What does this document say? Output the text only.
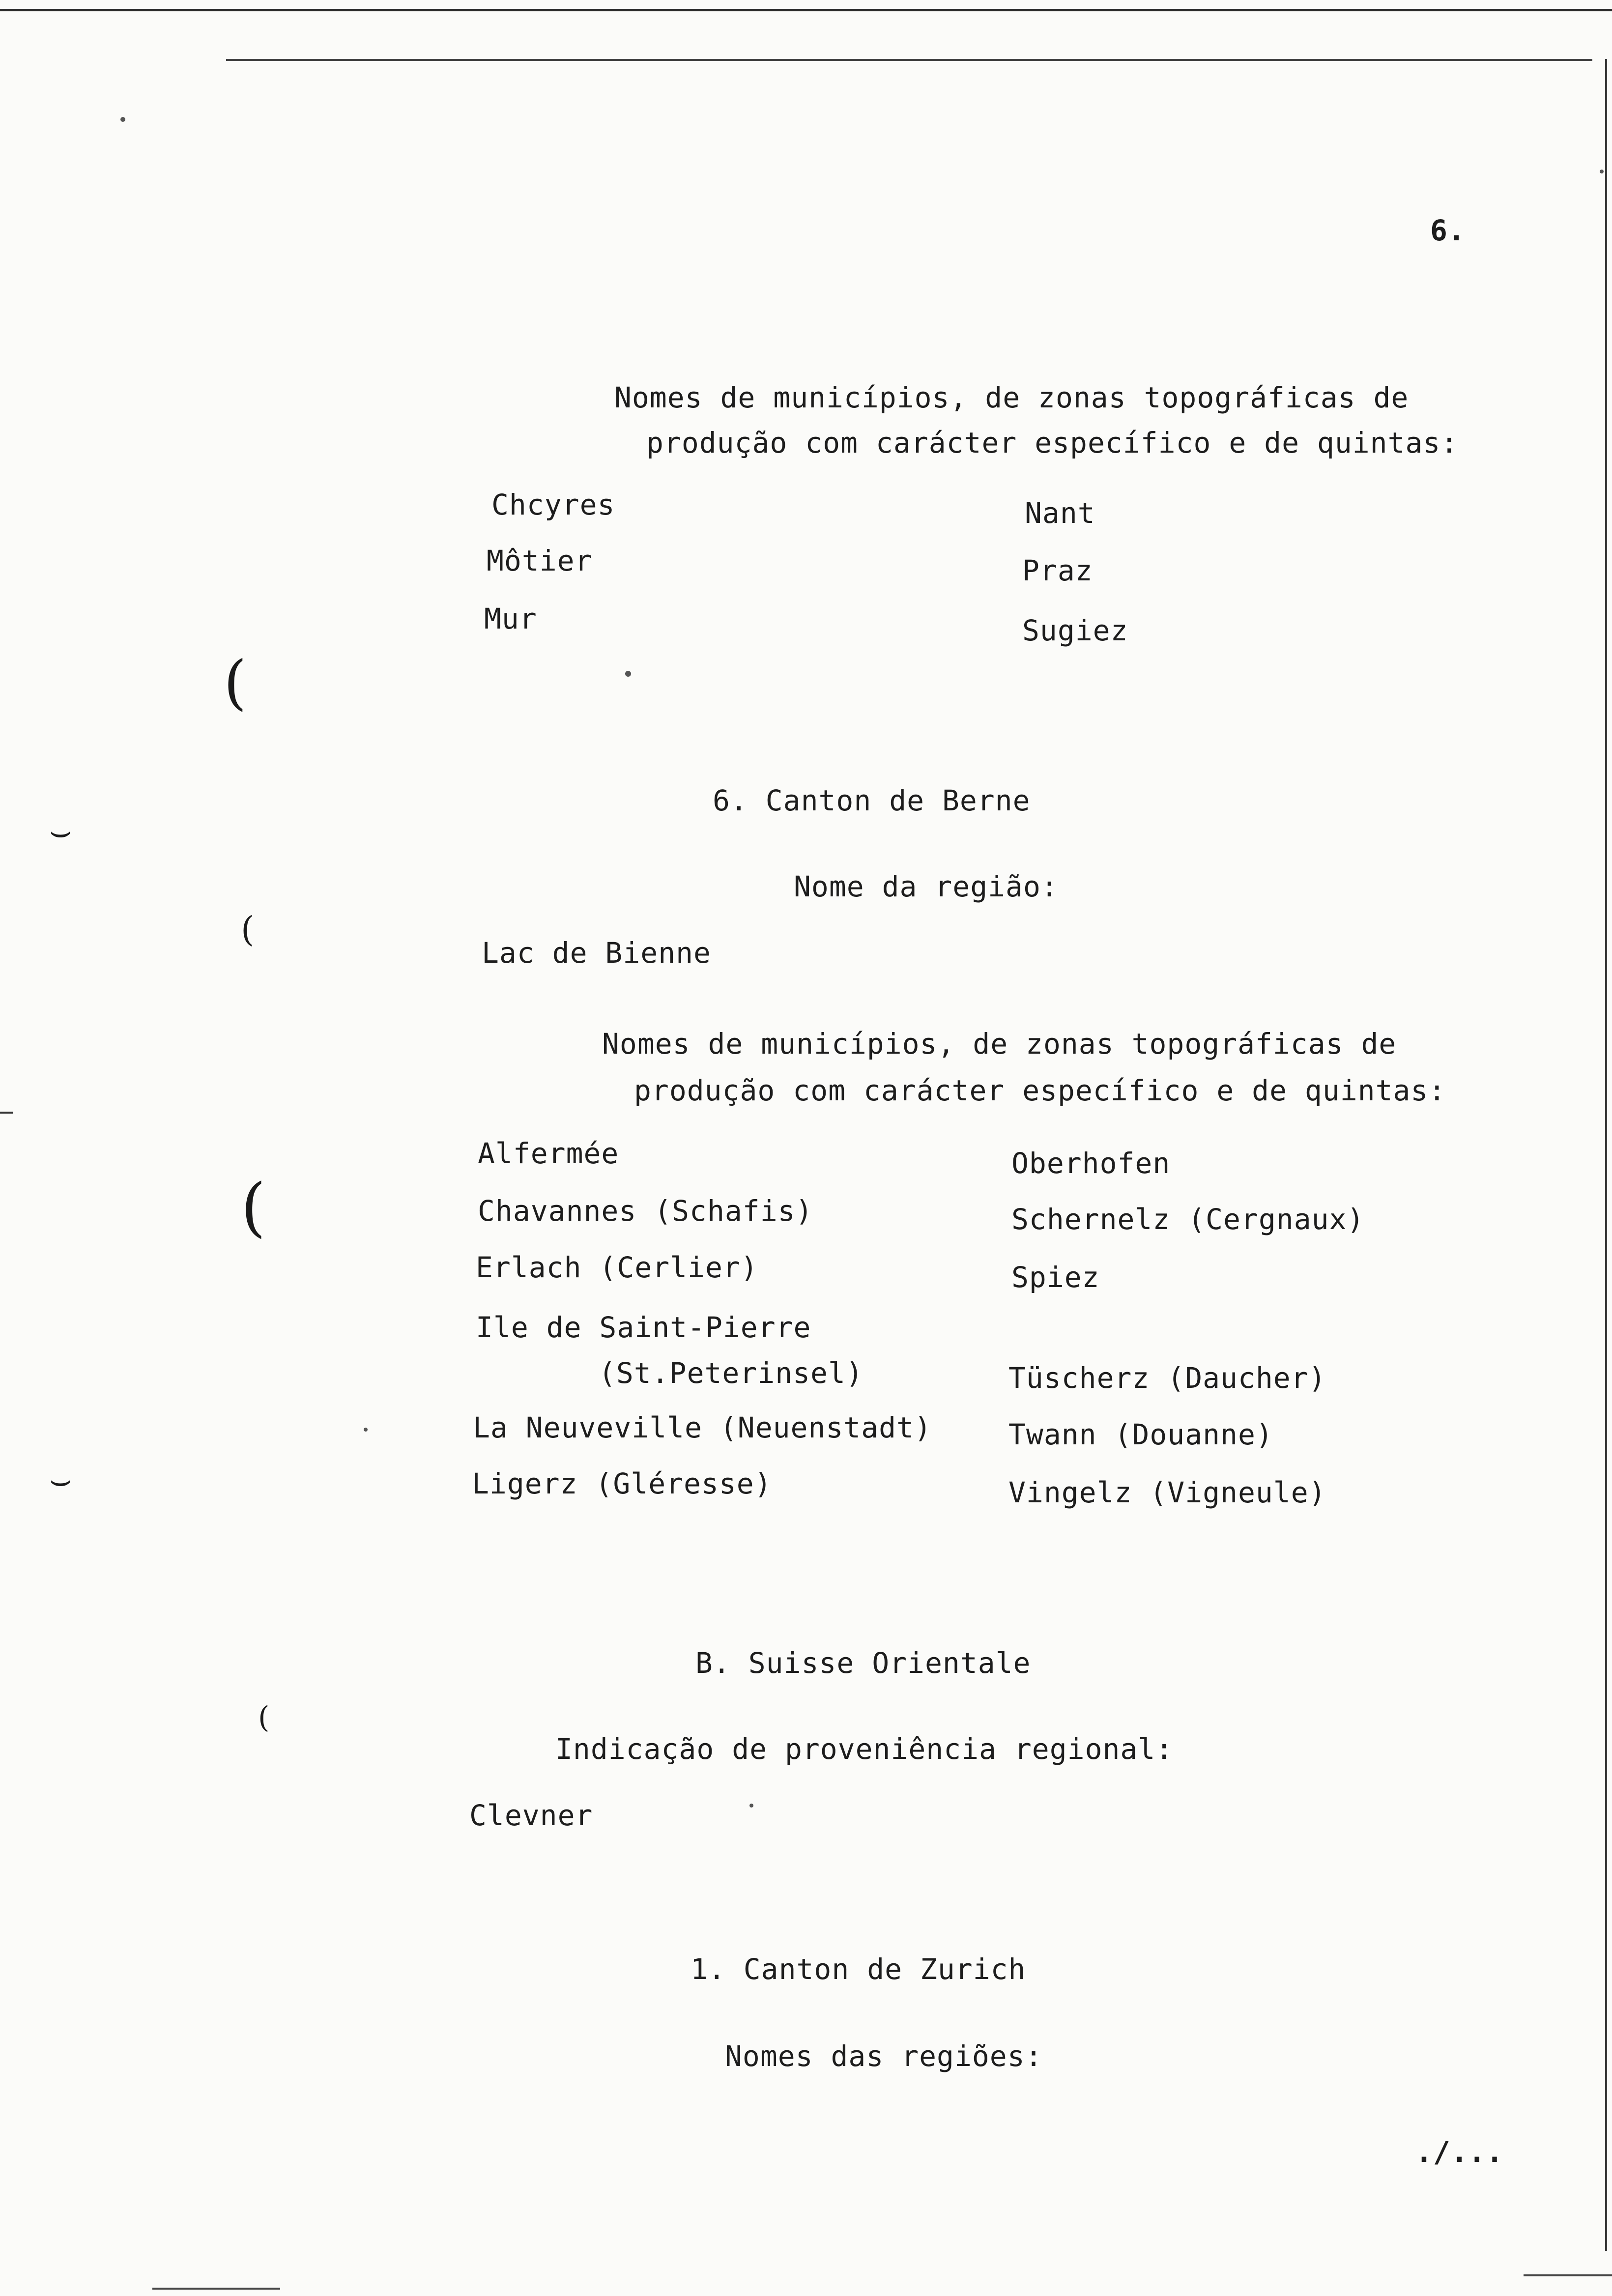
(
(
(
(
⌣
⌣
6.
Nomes de municípios, de zonas topográficas de
produção com carácter específico e de quintas:
Chcyres
Môtier
Mur
Nant
Praz
Sugiez
6. Canton de Berne
Nome da região:
Lac de Bienne
Nomes de municípios, de zonas topográficas de
produção com carácter específico e de quintas:
Alfermée
Chavannes (Schafis)
Erlach (Cerlier)
Ile de Saint-Pierre
(St.Peterinsel)
La Neuveville (Neuenstadt)
Ligerz (Gléresse)
Oberhofen
Schernelz (Cergnaux)
Spiez
Tüscherz (Daucher)
Twann (Douanne)
Vingelz (Vigneule)
B. Suisse Orientale
Indicação de proveniência regional:
Clevner
1. Canton de Zurich
Nomes das regiões:
./...
